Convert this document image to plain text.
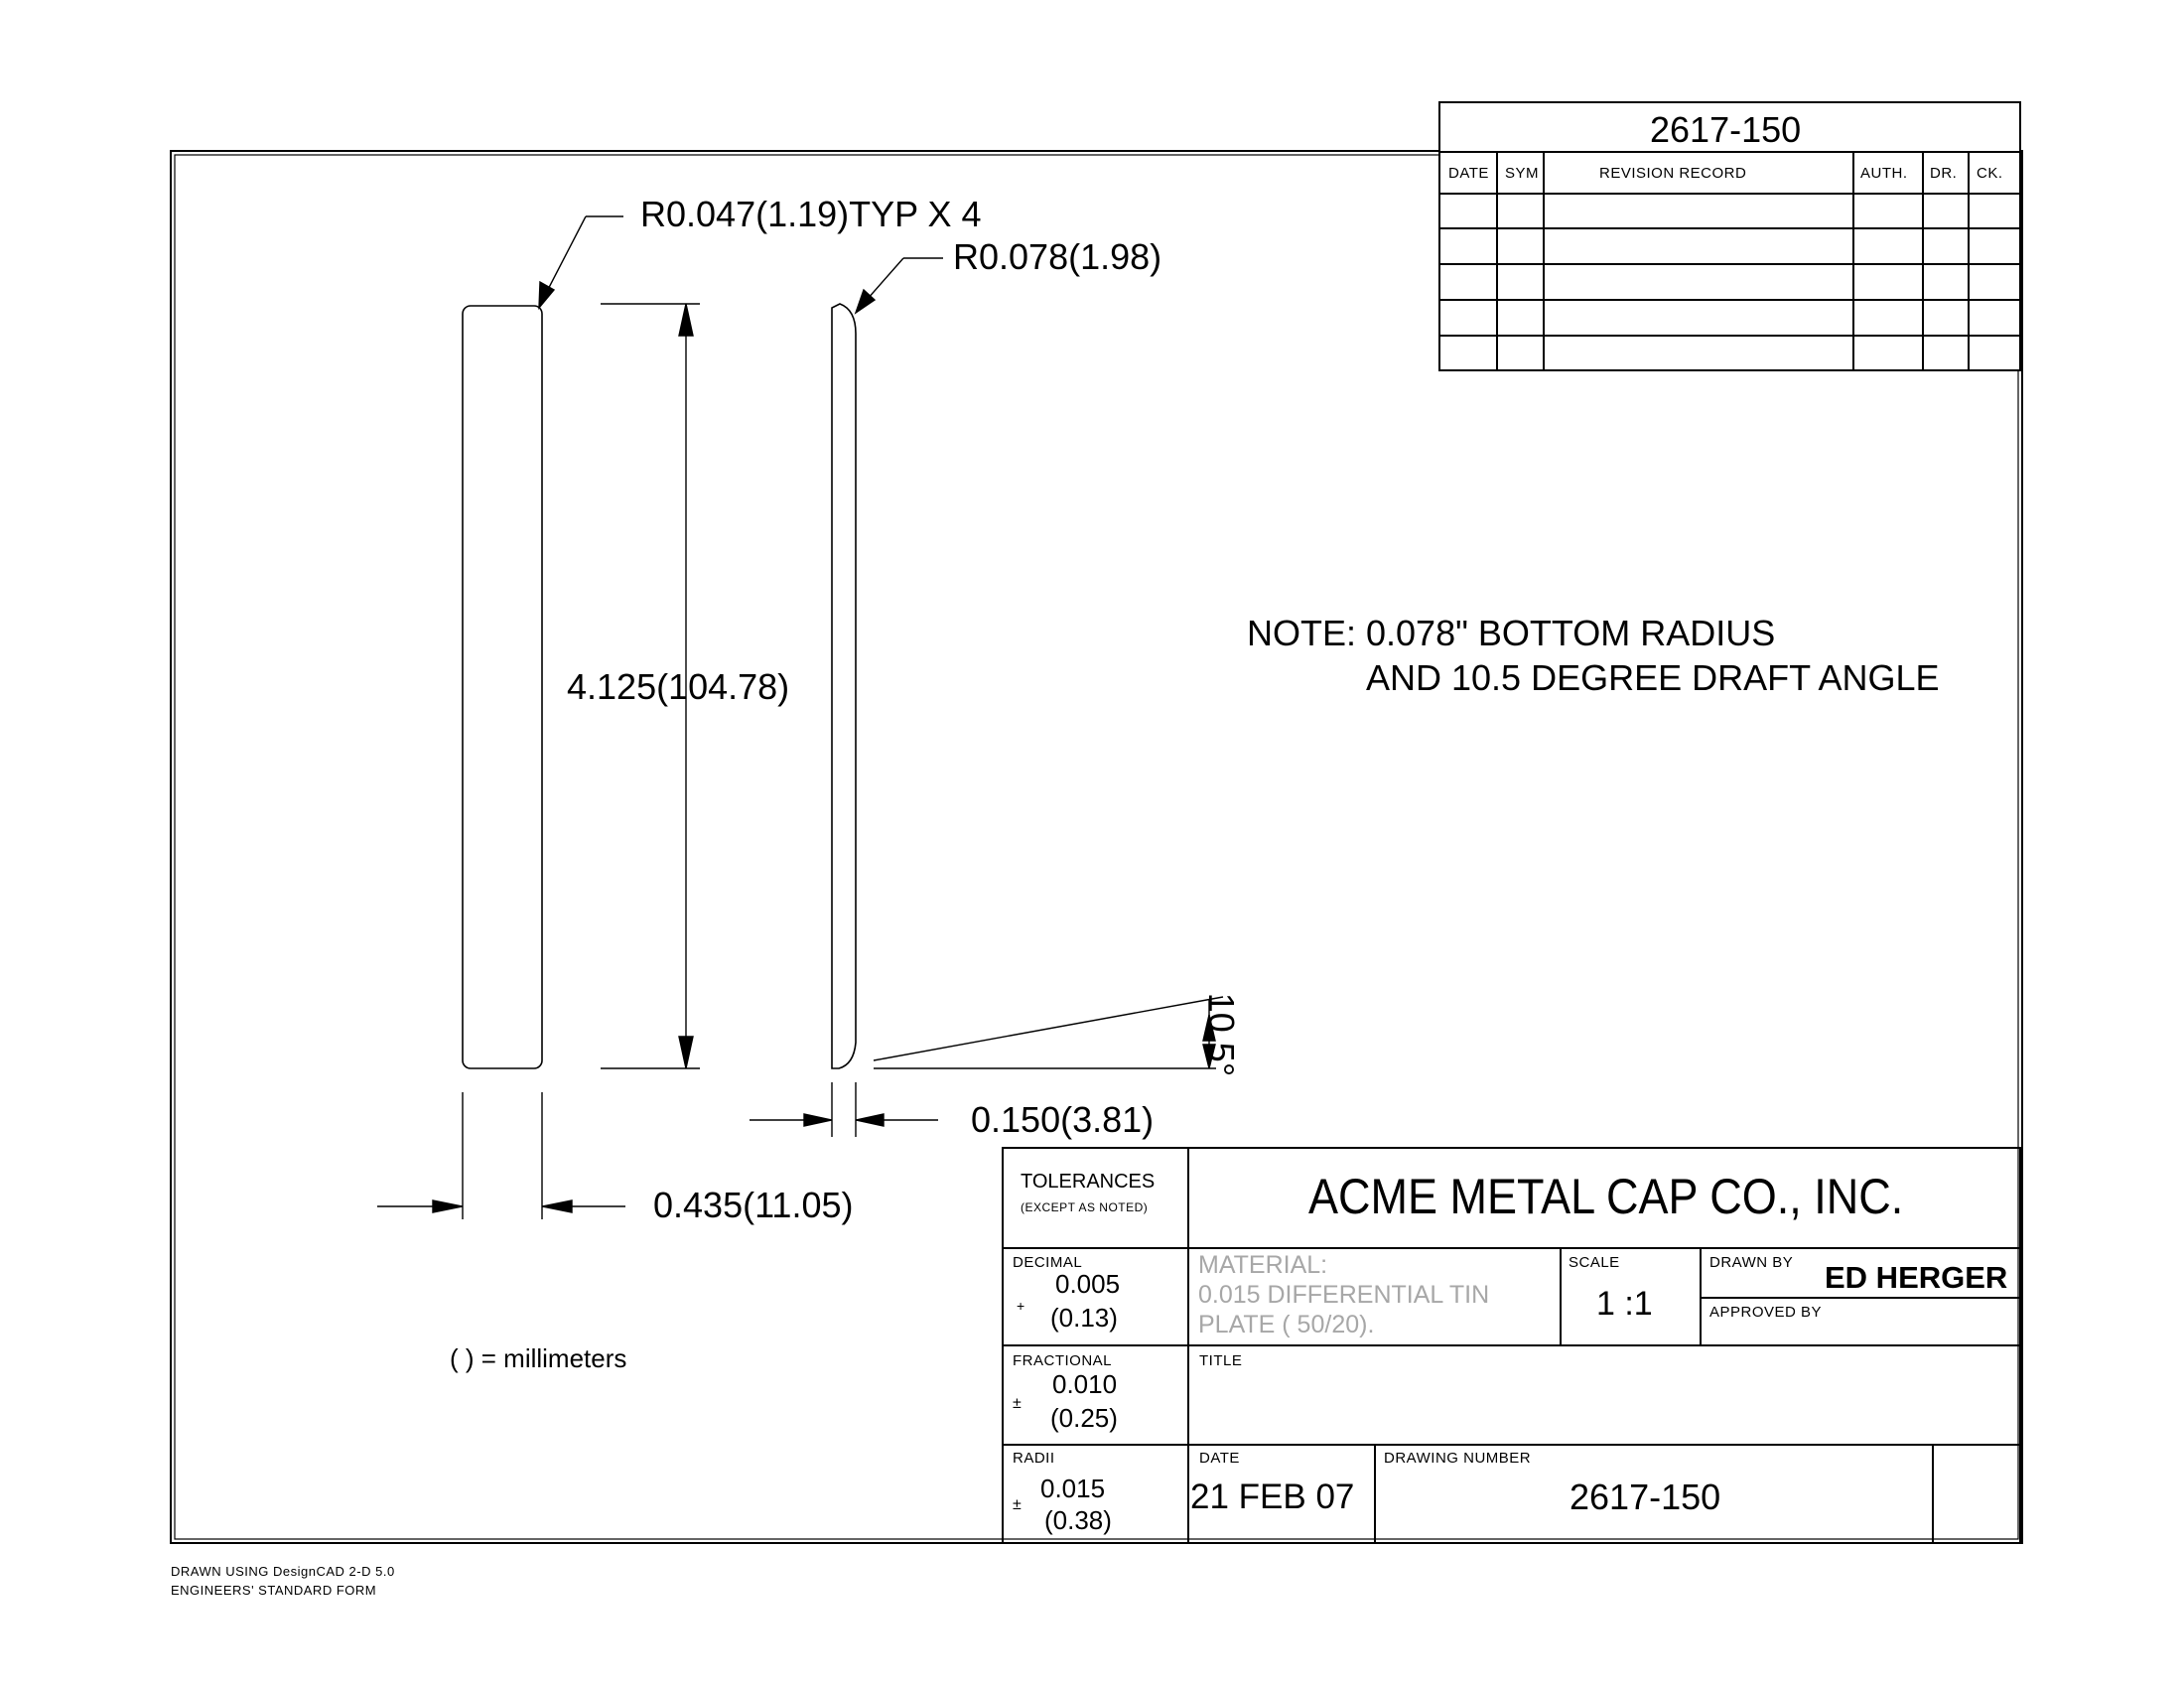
2617-150
DATE SYM	REVISION RECORD	AUTH. DR. CK.
R0.047(1.19)TYP X 4
R0.078(1.98)
4.125(104.78)
10.5°
0.150(3.81)
0.435(11.05)
NOTE: 0.078" BOTTOM RADIUS
AND 10.5 DEGREE DRAFT ANGLE
( ) = millimeters
TOLERANCES
(EXCEPT AS NOTED)	ACME METAL CAP CO., INC.
DECIMAL
0.005
+ (0.13)
MATERIAL:
0.015 DIFFERENTIAL TIN
PLATE ( 50/20).
SCALE
1 :1
DRAWN BY ED HERGER
APPROVED BY
FRACTIONAL
0.010
± (0.25)
TITLE
RADII
0.015
±
(0.38)
DATE
21 FEB 07
DRAWING NUMBER
2617-150
DRAWN USING DesignCAD 2-D 5.0
ENGINEERS' STANDARD FORM
